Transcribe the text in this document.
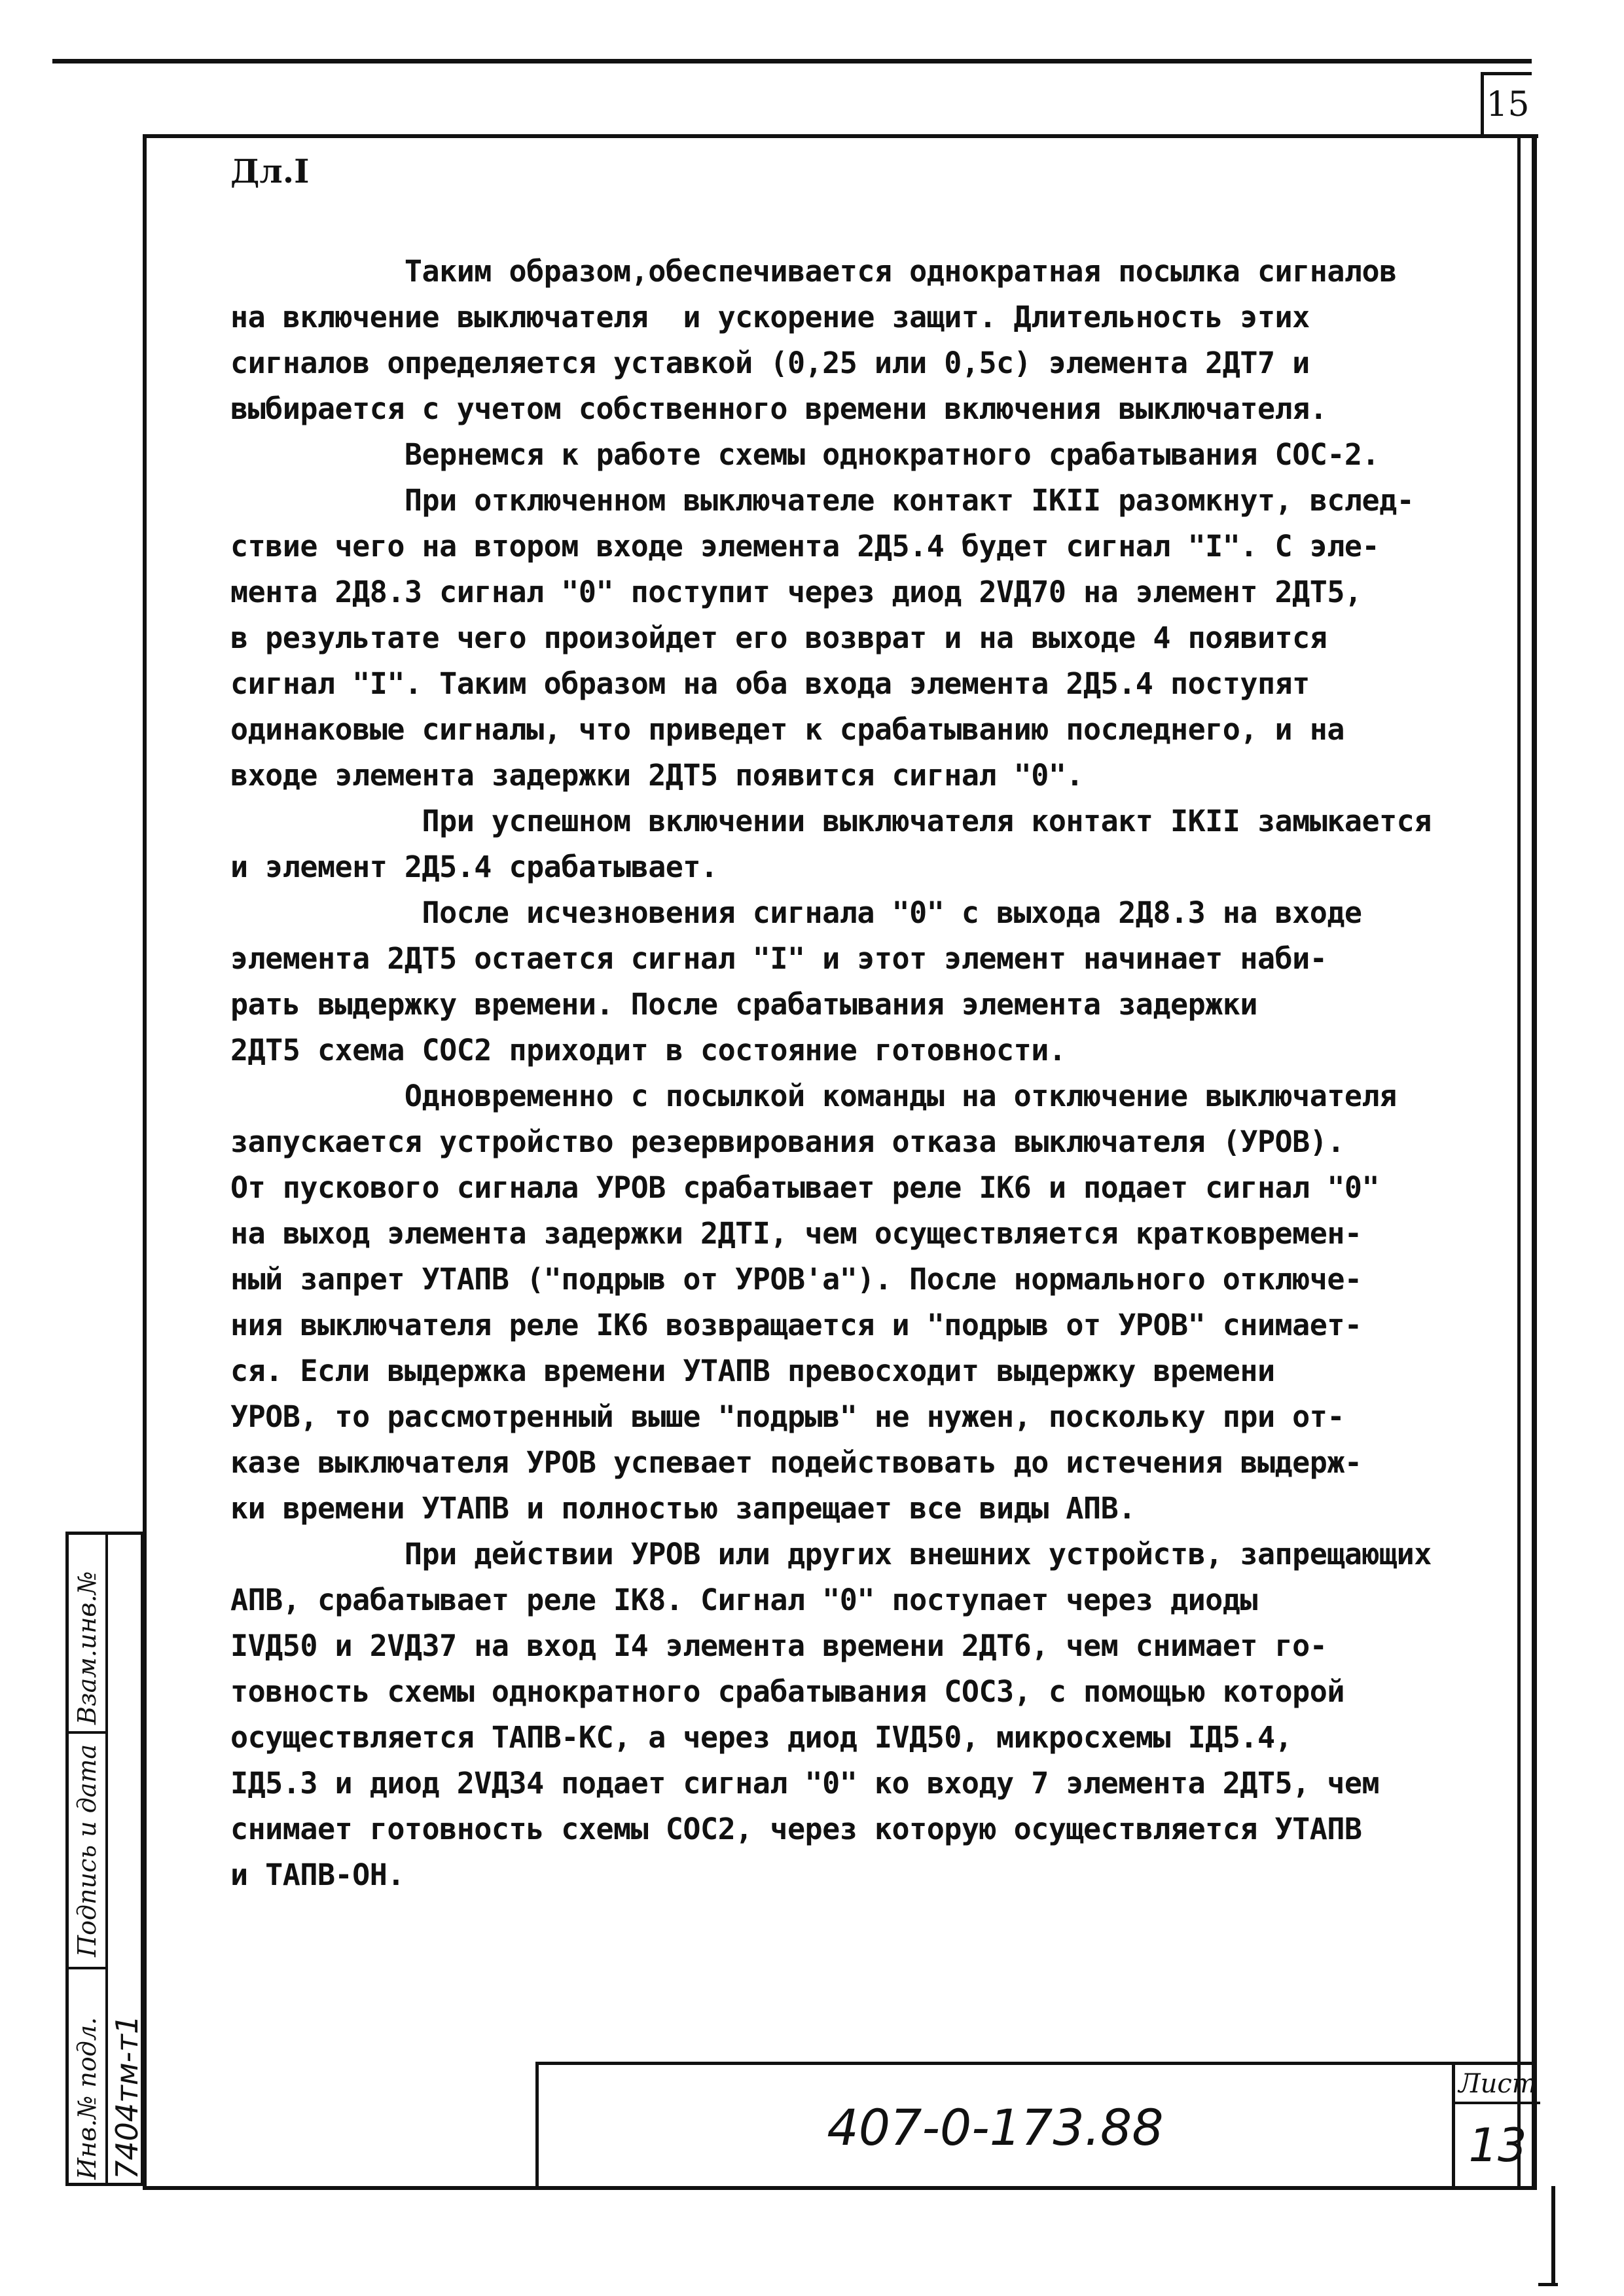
15
Дл.I
Таким образом,обеспечивается однократная посылка сигналов
на включение выключателя  и ускорение защит. Длительность этих
сигналов определяется уставкой (0,25 или 0,5с) элемента 2ДТ7 и
выбирается с учетом собственного времени включения выключателя.
Вернемся к работе схемы однократного срабатывания СОС-2.
При отключенном выключателе контакт IKII разомкнут, вслед-
ствие чего на втором входе элемента 2Д5.4 будет сигнал "I". С эле-
мента 2Д8.3 сигнал "0" поступит через диод 2VД70 на элемент 2ДТ5,
в результате чего произойдет его возврат и на выходе 4 появится
сигнал "I". Таким образом на оба входа элемента 2Д5.4 поступят
одинаковые сигналы, что приведет к срабатыванию последнего, и на
входе элемента задержки 2ДТ5 появится сигнал "0".
При успешном включении выключателя контакт IKII замыкается
и элемент 2Д5.4 срабатывает.
После исчезновения сигнала "0" с выхода 2Д8.3 на входе
элемента 2ДТ5 остается сигнал "I" и этот элемент начинает наби-
рать выдержку времени. После срабатывания элемента задержки
2ДТ5 схема СОС2 приходит в состояние готовности.
Одновременно с посылкой команды на отключение выключателя
запускается устройство резервирования отказа выключателя (УРОВ).
От пускового сигнала УРОВ срабатывает реле IK6 и подает сигнал "0"
на выход элемента задержки 2ДТI, чем осуществляется кратковремен-
ный запрет УТАПВ ("подрыв от УРОВ'а"). После нормального отключе-
ния выключателя реле IK6 возвращается и "подрыв от УРОВ" снимает-
ся. Если выдержка времени УТАПВ превосходит выдержку времени
УРОВ, то рассмотренный выше "подрыв" не нужен, поскольку при от-
казе выключателя УРОВ успевает подействовать до истечения выдерж-
ки времени УТАПВ и полностью запрещает все виды АПВ.
При действии УРОВ или других внешних устройств, запрещающих
АПВ, срабатывает реле IK8. Сигнал "0" поступает через диоды
IVД50 и 2VД37 на вход I4 элемента времени 2ДТ6, чем снимает го-
товность схемы однократного срабатывания СОС3, с помощью которой
осуществляется ТАПВ-КС, а через диод IVД50, микросхемы IД5.4,
IД5.3 и диод 2VД34 подает сигнал "0" ко входу 7 элемента 2ДТ5, чем
снимает готовность схемы СОС2, через которую осуществляется УТАПВ
и ТАПВ-ОН.
Взам.инв.№
Подпись и дата
Инв.№ подл. 7404тм-т1	407-0-173.88
Лист
13
